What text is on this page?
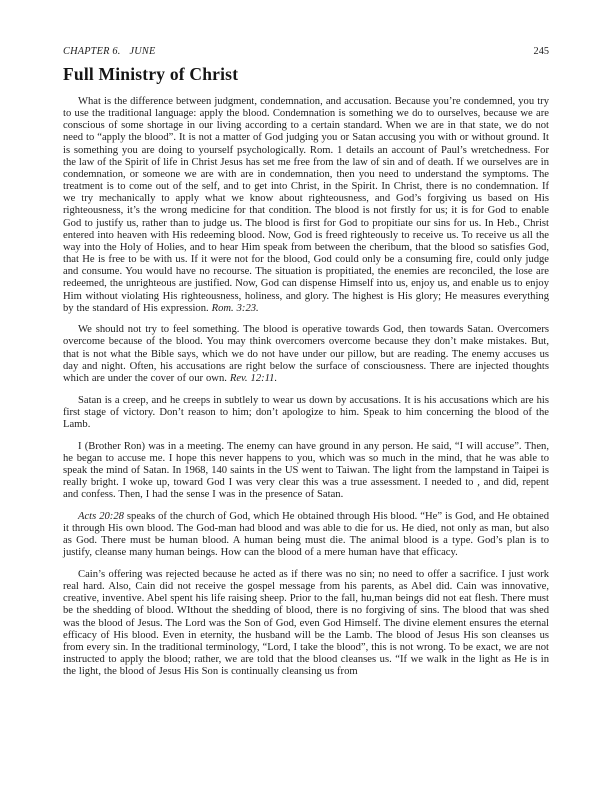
CHAPTER 6. JUNE	245
Full Ministry of Christ

What is the difference between judgment, condemnation, and accusation. Because you’re condemned, you try to use the traditional language: apply the blood. Condemnation is something we do to ourselves, because we are conscious of some shortage in our living according to a certain standard. When we are in that state, we do not need to “apply the blood”. It is not a matter of God judging you or Satan accusing you with or without ground. It is something you are doing to yourself psychologically. Rom. 1 details an account of Paul’s wretchedness. For the law of the Spirit of life in Christ Jesus has set me free from the law of sin and of death. If we ourselves are in condemnation, or someone we are with are in condemnation, then you need to understand the symptoms. The treatment is to come out of the self, and to get into Christ, in the Spirit. In Christ, there is no condemnation. If we try mechanically to apply what we know about righteousness, and God’s forgiving us based on His righteousness, it’s the wrong medicine for that condition. The blood is not firstly for us; it is for God to enable God to justify us, rather than to judge us. The blood is first for God to propitiate our sins for us. In Heb., Christ entered into heaven with His redeeming blood. Now, God is freed righteously to receive us. To receive us all the way into the Holy of Holies, and to hear Him speak from between the cheribum, that the blood so satisfies God, that He is free to be with us. If it were not for the blood, God could only be a consuming fire, could only judge and consume. You would have no recourse. The situation is propitiated, the enemies are reconciled, the lose are redeemed, the unrighteous are justified. Now, God can dispense Himself into us, enjoy us, and enable us to enjoy Him without violating His righteousness, holiness, and glory. The highest is His glory; He measures everything by the standard of His expression. Rom. 3:23.

We should not try to feel something. The blood is operative towards God, then towards Satan. Overcomers overcome because of the blood. You may think overcomers overcome because they don’t make mistakes. But, that is not what the Bible says, which we do not have under our pillow, but are reading. The enemy accuses us day and night. Often, his accusations are right below the surface of consciousness. There are injected thoughts which are under the cover of our own. Rev. 12:11.

Satan is a creep, and he creeps in subtlely to wear us down by accusations. It is his accusations which are his first stage of victory. Don’t reason to him; don’t apologize to him. Speak to him concerning the blood of the Lamb.

I (Brother Ron) was in a meeting. The enemy can have ground in any person. He said, “I will accuse”. Then, he began to accuse me. I hope this never happens to you, which was so much in the mind, that he was able to speak the mind of Satan. In 1968, 140 saints in the US went to Taiwan. The light from the lampstand in Taipei is really bright. I woke up, toward God I was very clear this was a true assessment. I needed to , and did, repent and confess. Then, I had the sense I was in the presence of Satan.

Acts 20:28 speaks of the church of God, which He obtained through His blood. “He” is God, and He obtained it through His own blood. The God-man had blood and was able to die for us. He died, not only as man, but also as God. There must be human blood. A human being must die. The animal blood is a type. God’s plan is to justify, cleanse many human beings. How can the blood of a mere human have that efficacy.

Cain’s offering was rejected because he acted as if there was no sin; no need to offer a sacrifice. I just work real hard. Also, Cain did not receive the gospel message from his parents, as Abel did. Cain was innovative, creative, inventive. Abel spent his life raising sheep. Prior to the fall, hu,man beings did not eat flesh. There must be the shedding of blood. WIthout the shedding of blood, there is no forgiving of sins. The blood that was shed was the blood of Jesus. The Lord was the Son of God, even God Himself. The divine element ensures the eternal efficacy of His blood. Even in eternity, the husband will be the Lamb. The blood of Jesus His son cleanses us from every sin. In the traditional terminology, “Lord, I take the blood”, this is not wrong. To be exact, we are not instructed to apply the blood; rather, we are told that the blood cleanses us. “If we walk in the light as He is in the light, the blood of Jesus His Son is continually cleansing us from
